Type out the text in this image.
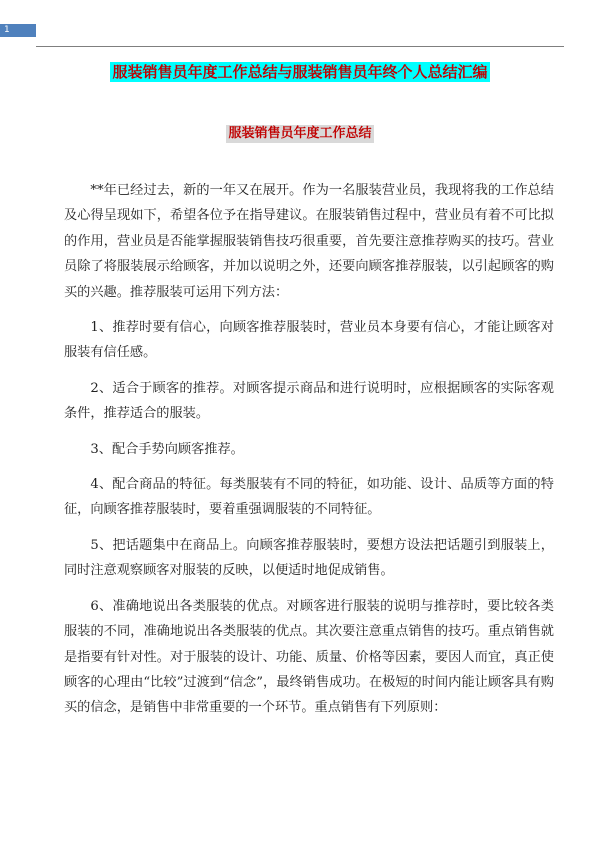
1
服装销售员年度工作总结与服装销售员年终个人总结汇编
服装销售员年度工作总结

**年已经过去，新的一年又在展开。作为一名服装营业员，我现将我的工作总结及心得呈现如下，希望各位予在指导建议。在服装销售过程中，营业员有着不可比拟的作用，营业员是否能掌握服装销售技巧很重要，首先要注意推荐购买的技巧。营业员除了将服装展示给顾客，并加以说明之外，还要向顾客推荐服装，以引起顾客的购买的兴趣。推荐服装可运用下列方法：

1、推荐时要有信心，向顾客推荐服装时，营业员本身要有信心，才能让顾客对服装有信任感。

2、适合于顾客的推荐。对顾客提示商品和进行说明时，应根据顾客的实际客观条件，推荐适合的服装。

3、配合手势向顾客推荐。

4、配合商品的特征。每类服装有不同的特征，如功能、设计、品质等方面的特征，向顾客推荐服装时，要着重强调服装的不同特征。

5、把话题集中在商品上。向顾客推荐服装时，要想方设法把话题引到服装上，同时注意观察顾客对服装的反映，以便适时地促成销售。

6、准确地说出各类服装的优点。对顾客进行服装的说明与推荐时，要比较各类服装的不同，准确地说出各类服装的优点。其次要注意重点销售的技巧。重点销售就是指要有针对性。对于服装的设计、功能、质量、价格等因素，要因人而宜，真正使顾客的心理由“比较”过渡到“信念”，最终销售成功。在极短的时间内能让顾客具有购买的信念，是销售中非常重要的一个环节。重点销售有下列原则：
